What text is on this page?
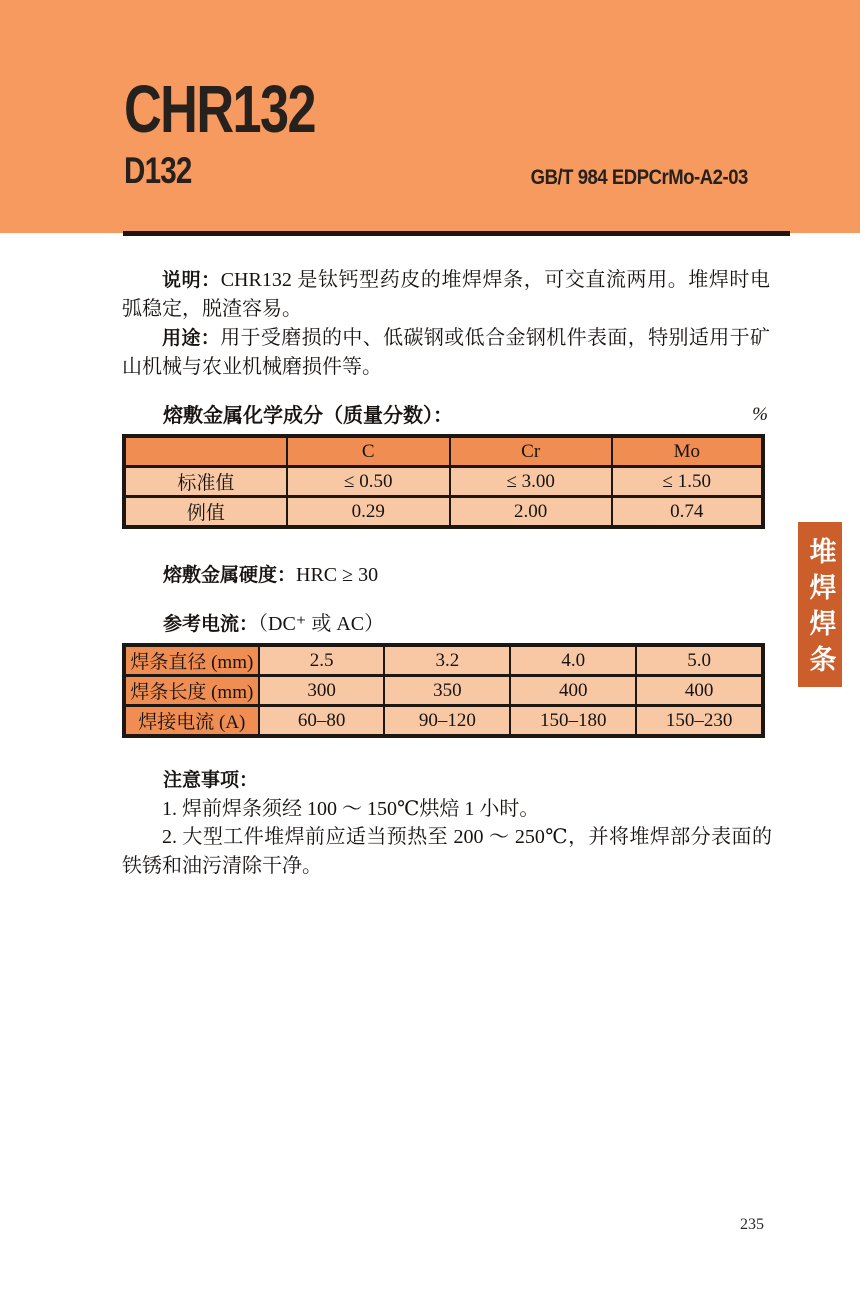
CHR132
D132	GB/T 984 EDPCrMo-A2-03

说明：CHR132 是钛钙型药皮的堆焊焊条，可交直流两用。堆焊时电弧稳定，脱渣容易。

用途：用于受磨损的中、低碳钢或低合金钢机件表面，特别适用于矿山机械与农业机械磨损件等。

熔敷金属化学成分（质量分数）：	%
	C	Cr	Mo
标准值	≤ 0.50	≤ 3.00	≤ 1.50
例值	0.29	2.00	0.74
熔敷金属硬度：HRC ≥ 30
参考电流：（DC⁺ 或 AC）
焊条直径 (mm)	2.5	3.2	4.0	5.0
焊条长度 (mm)	300	350	400	400
焊接电流 (A)	60–80	90–120	150–180	150–230

注意事项：

1. 焊前焊条须经 100 ～ 150℃烘焙 1 小时。

2. 大型工件堆焊前应适当预热至 200 ～ 250℃，并将堆焊部分表面的铁锈和油污清除干净。

堆焊焊条
235
